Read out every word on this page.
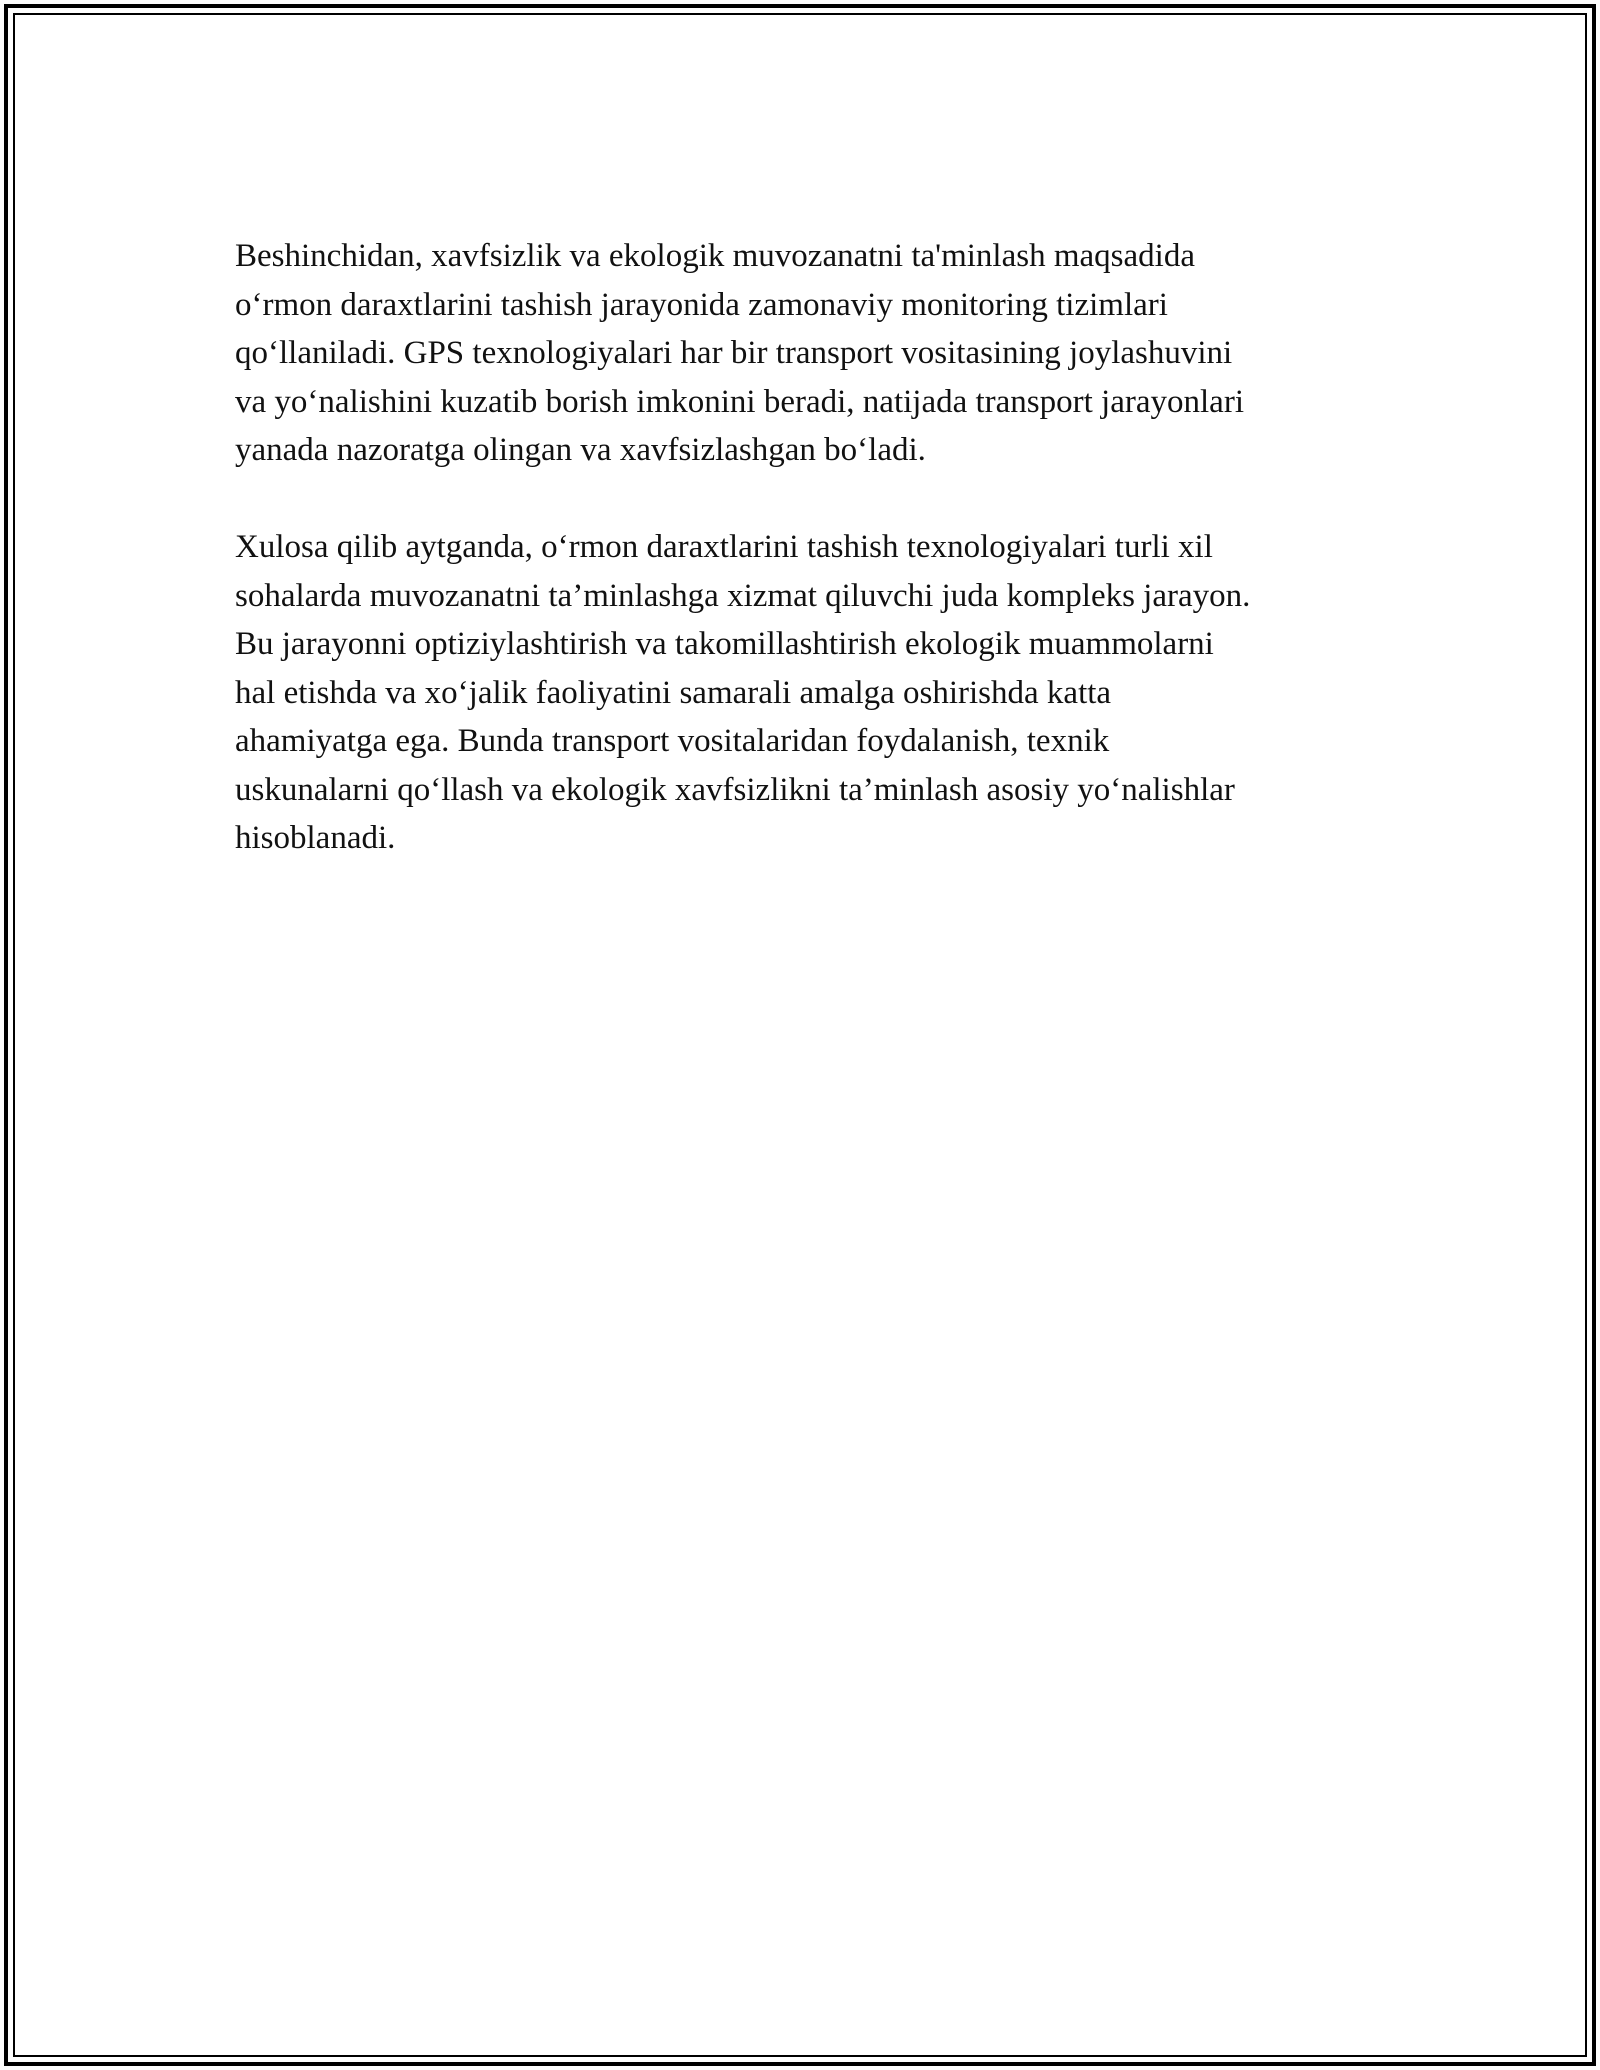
Beshinchidan, xavfsizlik va ekologik muvozanatni ta'minlash maqsadida
o‘rmon daraxtlarini tashish jarayonida zamonaviy monitoring tizimlari
qo‘llaniladi. GPS texnologiyalari har bir transport vositasining joylashuvini
va yo‘nalishini kuzatib borish imkonini beradi, natijada transport jarayonlari
yanada nazoratga olingan va xavfsizlashgan bo‘ladi.

Xulosa qilib aytganda, o‘rmon daraxtlarini tashish texnologiyalari turli xil
sohalarda muvozanatni ta’minlashga xizmat qiluvchi juda kompleks jarayon.
Bu jarayonni optiziylashtirish va takomillashtirish ekologik muammolarni
hal etishda va xo‘jalik faoliyatini samarali amalga oshirishda katta
ahamiyatga ega. Bunda transport vositalaridan foydalanish, texnik
uskunalarni qo‘llash va ekologik xavfsizlikni ta’minlash asosiy yo‘nalishlar
hisoblanadi.
